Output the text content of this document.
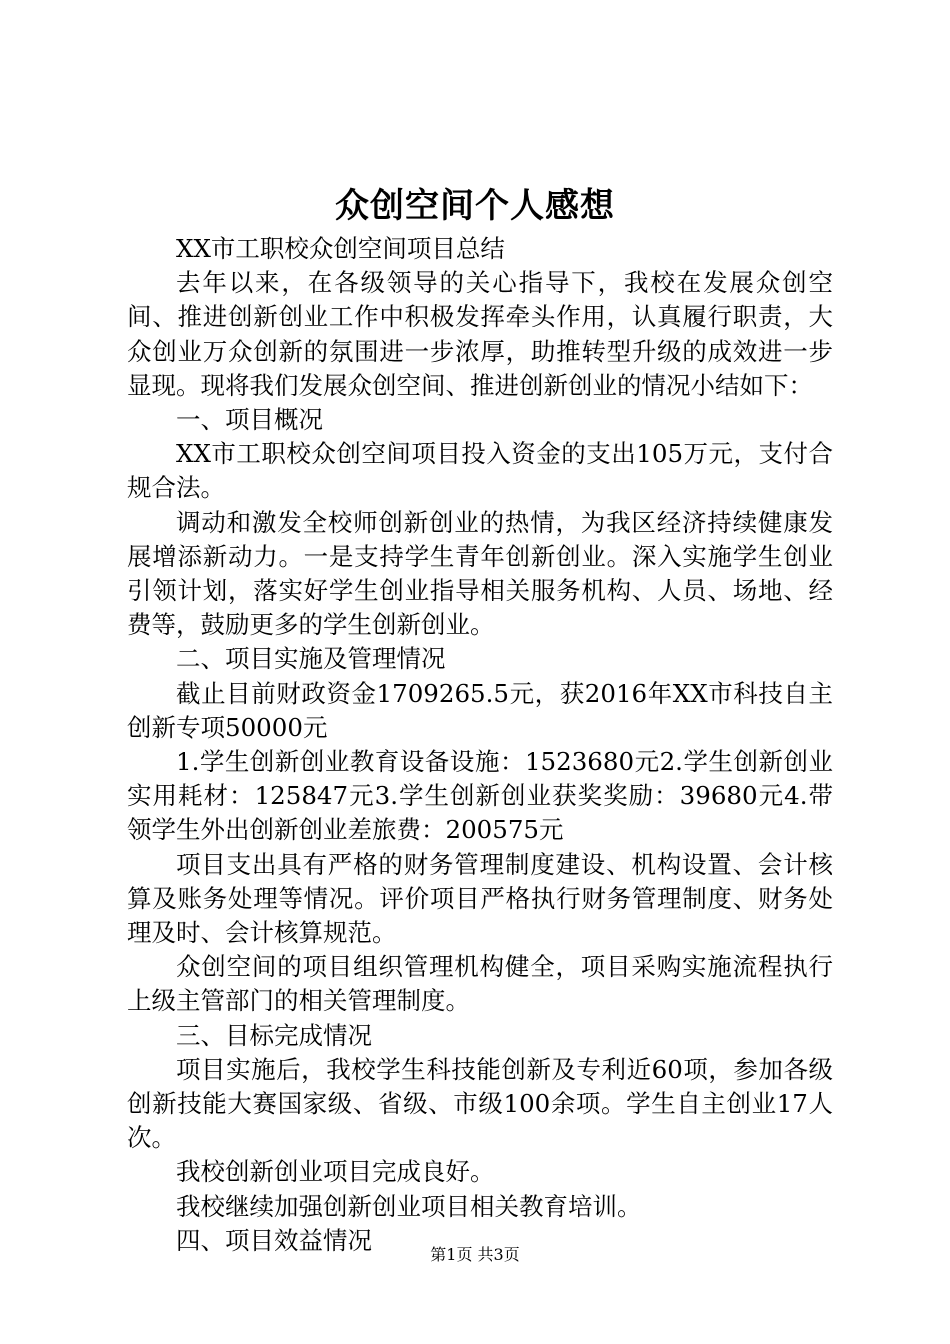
众创空间个人感想

XX市工职校众创空间项目总结

去年以来，在各级领导的关心指导下，我校在发展众创空间、推进创新创业工作中积极发挥牵头作用，认真履行职责，大众创业万众创新的氛围进一步浓厚，助推转型升级的成效进一步显现。现将我们发展众创空间、推进创新创业的情况小结如下：

一、项目概况

XX市工职校众创空间项目投入资金的支出105万元，支付合规合法。

调动和激发全校师创新创业的热情，为我区经济持续健康发展增添新动力。一是支持学生青年创新创业。深入实施学生创业引领计划，落实好学生创业指导相关服务机构、人员、场地、经费等，鼓励更多的学生创新创业。

二、项目实施及管理情况

截止目前财政资金1709265.5元，获2016年XX市科技自主创新专项50000元

1.学生创新创业教育设备设施：1523680元2.学生创新创业实用耗材：125847元3.学生创新创业获奖奖励：39680元4.带领学生外出创新创业差旅费：200575元

项目支出具有严格的财务管理制度建设、机构设置、会计核算及账务处理等情况。评价项目严格执行财务管理制度、财务处理及时、会计核算规范。

众创空间的项目组织管理机构健全，项目采购实施流程执行上级主管部门的相关管理制度。

三、目标完成情况

项目实施后，我校学生科技能创新及专利近60项，参加各级创新技能大赛国家级、省级、市级100余项。学生自主创业17人次。

我校创新创业项目完成良好。

我校继续加强创新创业项目相关教育培训。

四、项目效益情况	第1页 共3页
